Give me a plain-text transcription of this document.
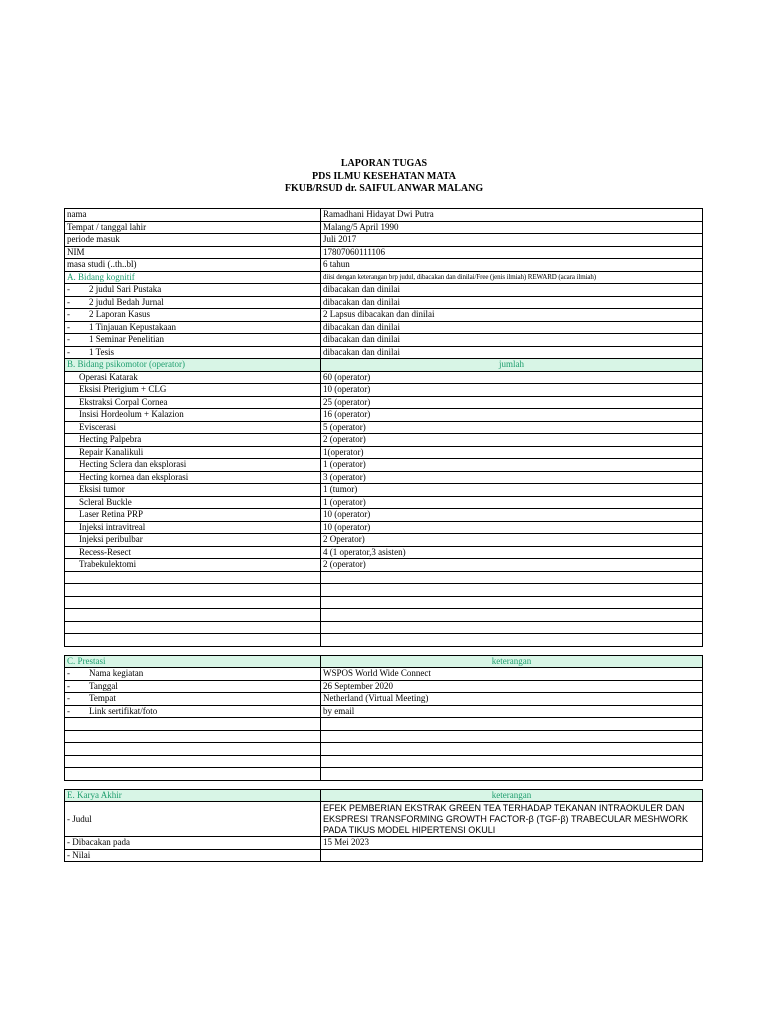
LAPORAN TUGAS
PDS ILMU KESEHATAN MATA
FKUB/RSUD dr. SAIFUL ANWAR MALANG
nama	Ramadhani Hidayat Dwi Putra
Tempat / tanggal lahir	Malang/5 April 1990
periode masuk	Juli 2017
NIM	17807060111106
masa studi (..th..bl)	6 tahun
A. Bidang kognitif	diisi dengan keterangan brp judul, dibacakan dan dinilai/Free (jenis ilmiah) REWARD (acara ilmiah)
- 2 judul Sari Pustaka	dibacakan dan dinilai
- 2 judul Bedah Jurnal	dibacakan dan dinilai
- 2 Laporan Kasus	2 Lapsus dibacakan dan dinilai
- 1 Tinjauan Kepustakaan	dibacakan dan dinilai
- 1 Seminar Penelitian	dibacakan dan dinilai
- 1 Tesis	dibacakan dan dinilai
B. Bidang psikomotor (operator)	jumlah
Operasi Katarak	60 (operator)
Eksisi Pterigium + CLG	10 (operator)
Ekstraksi Corpal Cornea	25 (operator)
Insisi Hordeolum + Kalazion	16 (operator)
Eviscerasi	5 (operator)
Hecting Palpebra	2 (operator)
Repair Kanalikuli	1(operator)
Hecting Sclera dan eksplorasi	1 (operator)
Hecting kornea dan eksplorasi	3 (operator)
Eksisi tumor	1 (tumor)
Scleral Buckle	1 (operator)
Laser Retina PRP	10 (operator)
Injeksi intravitreal	10 (operator)
Injeksi peribulbar	2 Operator)
Recess-Resect	4 (1 operator,3 asisten)
Trabekulektomi	2 (operator)

C. Prestasi	keterangan
- Nama kegiatan	WSPOS World Wide Connect
- Tanggal	26 September 2020
- Tempat	Netherland (Virtual Meeting)
- Link sertifikat/foto	by email

E. Karya Akhir	keterangan
- Judul	EFEK PEMBERIAN EKSTRAK GREEN TEA TERHADAP TEKANAN INTRAOKULER DAN EKSPRESI TRANSFORMING GROWTH FACTOR-β (TGF-β) TRABECULAR MESHWORK PADA TIKUS MODEL HIPERTENSI OKULI
- Dibacakan pada	15 Mei 2023
- Nilai	
